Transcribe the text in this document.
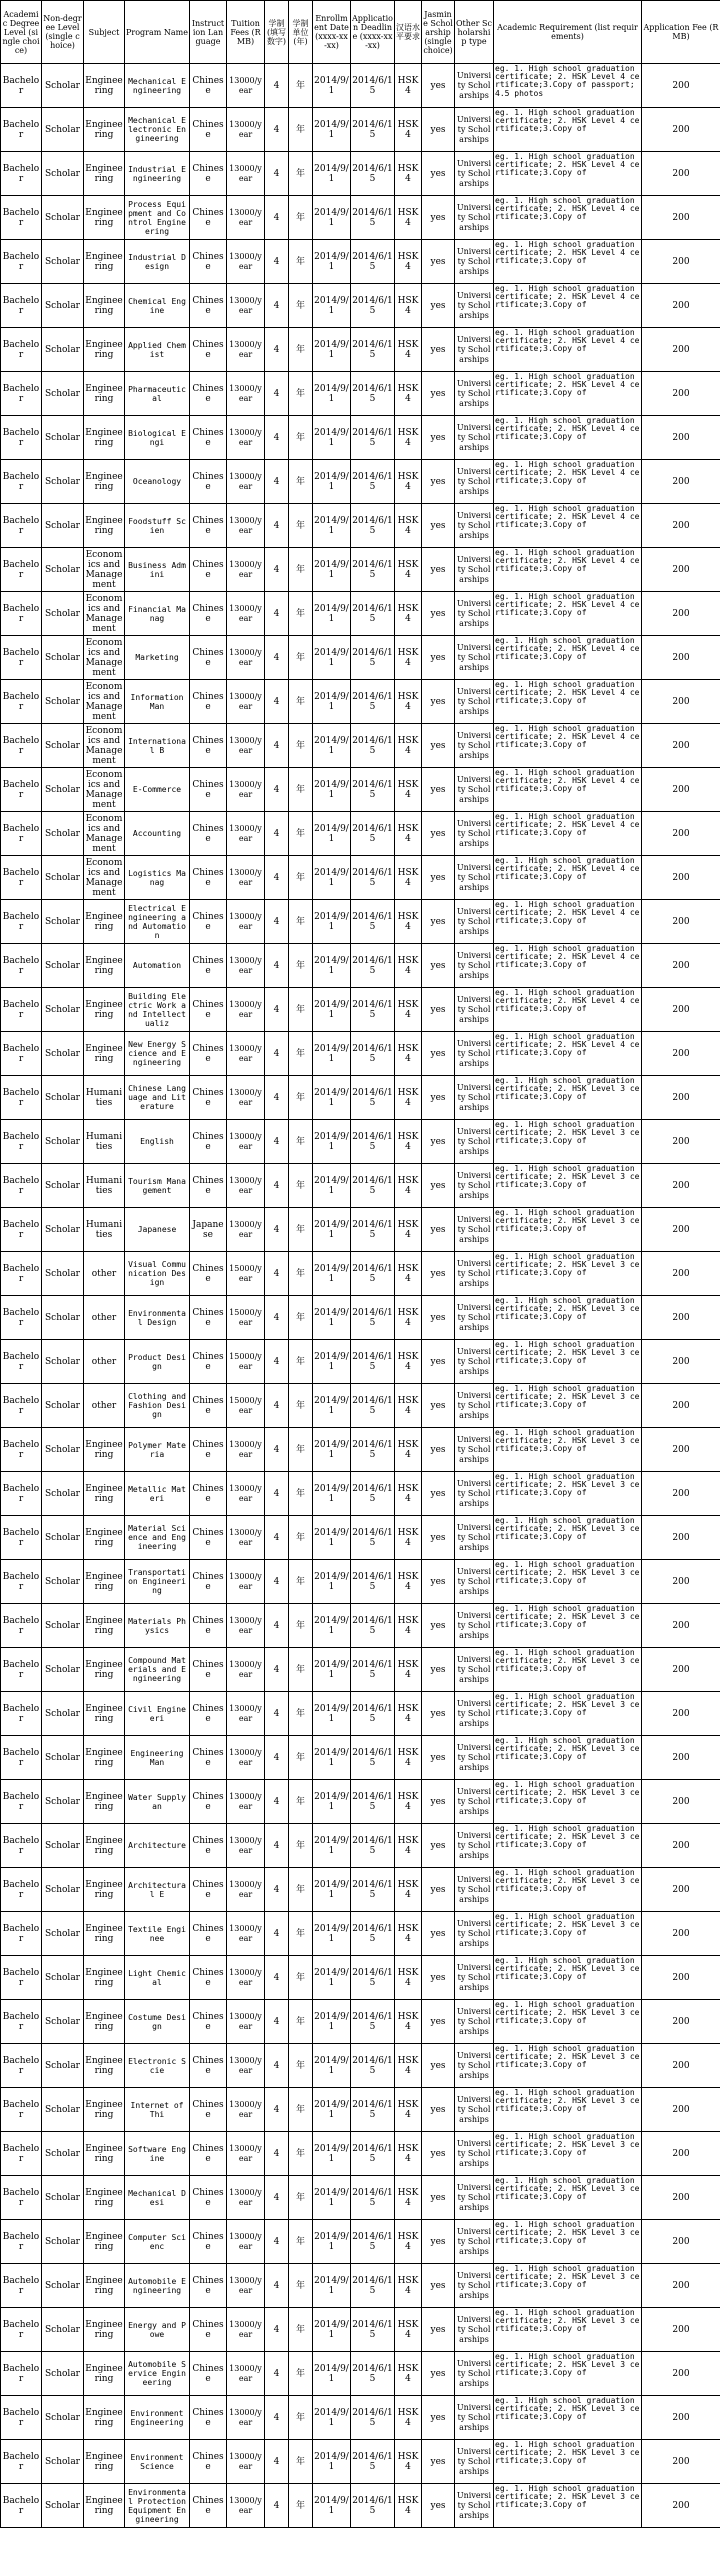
Academic Degree Level (single choice)	Non-degree Level(single choice)	Subject	Program Name	Instruction Language	Tuition Fees (RMB)	学制(填写数字)	学制单位(年)	Enrollment Date (xxxx-xx-xx)	Application Deadline (xxxx-xx-xx)	汉语水平要求	Jasmine Scholarship (single choice)	Other Scholarship type	Academic Requirement (list requirements)	Application Fee (RMB)
Bachelor	Scholar	Engineering	Mechanical Engineering	Chinese	13000/year	4	年	2014/9/1	2014/6/15	HSK4	yes	University Scholarships	eg. 1. High school graduation certificate; 2. HSK Level 4 certificate;3.Copy of passport;4.5 photos	200
Bachelor	Scholar	Engineering	Mechanical Electronic Engineering	Chinese	13000/year	4	年	2014/9/1	2014/6/15	HSK4	yes	University Scholarships	eg. 1. High school graduation certificate; 2. HSK Level 4 certificate;3.Copy of	200
Bachelor	Scholar	Engineering	Industrial Engineering	Chinese	13000/year	4	年	2014/9/1	2014/6/15	HSK4	yes	University Scholarships	eg. 1. High school graduation certificate; 2. HSK Level 4 certificate;3.Copy of	200
Bachelor	Scholar	Engineering	Process Equipment and Control Engineering	Chinese	13000/year	4	年	2014/9/1	2014/6/15	HSK4	yes	University Scholarships	eg. 1. High school graduation certificate; 2. HSK Level 4 certificate;3.Copy of	200
Bachelor	Scholar	Engineering	Industrial Design	Chinese	13000/year	4	年	2014/9/1	2014/6/15	HSK4	yes	University Scholarships	eg. 1. High school graduation certificate; 2. HSK Level 4 certificate;3.Copy of	200
Bachelor	Scholar	Engineering	Chemical Engine	Chinese	13000/year	4	年	2014/9/1	2014/6/15	HSK4	yes	University Scholarships	eg. 1. High school graduation certificate; 2. HSK Level 4 certificate;3.Copy of	200
Bachelor	Scholar	Engineering	Applied Chemist	Chinese	13000/year	4	年	2014/9/1	2014/6/15	HSK4	yes	University Scholarships	eg. 1. High school graduation certificate; 2. HSK Level 4 certificate;3.Copy of	200
Bachelor	Scholar	Engineering	Pharmaceutical	Chinese	13000/year	4	年	2014/9/1	2014/6/15	HSK4	yes	University Scholarships	eg. 1. High school graduation certificate; 2. HSK Level 4 certificate;3.Copy of	200
Bachelor	Scholar	Engineering	Biological Engi	Chinese	13000/year	4	年	2014/9/1	2014/6/15	HSK4	yes	University Scholarships	eg. 1. High school graduation certificate; 2. HSK Level 4 certificate;3.Copy of	200
Bachelor	Scholar	Engineering	Oceanology	Chinese	13000/year	4	年	2014/9/1	2014/6/15	HSK4	yes	University Scholarships	eg. 1. High school graduation certificate; 2. HSK Level 4 certificate;3.Copy of	200
Bachelor	Scholar	Engineering	Foodstuff Scien	Chinese	13000/year	4	年	2014/9/1	2014/6/15	HSK4	yes	University Scholarships	eg. 1. High school graduation certificate; 2. HSK Level 4 certificate;3.Copy of	200
Bachelor	Scholar	Economics and Management	Business Admini	Chinese	13000/year	4	年	2014/9/1	2014/6/15	HSK4	yes	University Scholarships	eg. 1. High school graduation certificate; 2. HSK Level 4 certificate;3.Copy of	200
Bachelor	Scholar	Economics and Management	Financial Manag	Chinese	13000/year	4	年	2014/9/1	2014/6/15	HSK4	yes	University Scholarships	eg. 1. High school graduation certificate; 2. HSK Level 4 certificate;3.Copy of	200
Bachelor	Scholar	Economics and Management	Marketing	Chinese	13000/year	4	年	2014/9/1	2014/6/15	HSK4	yes	University Scholarships	eg. 1. High school graduation certificate; 2. HSK Level 4 certificate;3.Copy of	200
Bachelor	Scholar	Economics and Management	Information Man	Chinese	13000/year	4	年	2014/9/1	2014/6/15	HSK4	yes	University Scholarships	eg. 1. High school graduation certificate; 2. HSK Level 4 certificate;3.Copy of	200
Bachelor	Scholar	Economics and Management	International B	Chinese	13000/year	4	年	2014/9/1	2014/6/15	HSK4	yes	University Scholarships	eg. 1. High school graduation certificate; 2. HSK Level 4 certificate;3.Copy of	200
Bachelor	Scholar	Economics and Management	E-Commerce	Chinese	13000/year	4	年	2014/9/1	2014/6/15	HSK4	yes	University Scholarships	eg. 1. High school graduation certificate; 2. HSK Level 4 certificate;3.Copy of	200
Bachelor	Scholar	Economics and Management	Accounting	Chinese	13000/year	4	年	2014/9/1	2014/6/15	HSK4	yes	University Scholarships	eg. 1. High school graduation certificate; 2. HSK Level 4 certificate;3.Copy of	200
Bachelor	Scholar	Economics and Management	Logistics Manag	Chinese	13000/year	4	年	2014/9/1	2014/6/15	HSK4	yes	University Scholarships	eg. 1. High school graduation certificate; 2. HSK Level 4 certificate;3.Copy of	200
Bachelor	Scholar	Engineering	Electrical Engineering and Automation	Chinese	13000/year	4	年	2014/9/1	2014/6/15	HSK4	yes	University Scholarships	eg. 1. High school graduation certificate; 2. HSK Level 4 certificate;3.Copy of	200
Bachelor	Scholar	Engineering	Automation	Chinese	13000/year	4	年	2014/9/1	2014/6/15	HSK4	yes	University Scholarships	eg. 1. High school graduation certificate; 2. HSK Level 4 certificate;3.Copy of	200
Bachelor	Scholar	Engineering	Building Electric Work and Intellectualiz	Chinese	13000/year	4	年	2014/9/1	2014/6/15	HSK4	yes	University Scholarships	eg. 1. High school graduation certificate; 2. HSK Level 4 certificate;3.Copy of	200
Bachelor	Scholar	Engineering	New Energy Science and Engineering	Chinese	13000/year	4	年	2014/9/1	2014/6/15	HSK4	yes	University Scholarships	eg. 1. High school graduation certificate; 2. HSK Level 4 certificate;3.Copy of	200
Bachelor	Scholar	Humanities	Chinese Language and Literature	Chinese	13000/year	4	年	2014/9/1	2014/6/15	HSK4	yes	University Scholarships	eg. 1. High school graduation certificate; 2. HSK Level 3 certificate;3.Copy of	200
Bachelor	Scholar	Humanities	English	Chinese	13000/year	4	年	2014/9/1	2014/6/15	HSK4	yes	University Scholarships	eg. 1. High school graduation certificate; 2. HSK Level 3 certificate;3.Copy of	200
Bachelor	Scholar	Humanities	Tourism Management	Chinese	13000/year	4	年	2014/9/1	2014/6/15	HSK4	yes	University Scholarships	eg. 1. High school graduation certificate; 2. HSK Level 3 certificate;3.Copy of	200
Bachelor	Scholar	Humanities	Japanese	Japanese	13000/year	4	年	2014/9/1	2014/6/15	HSK4	yes	University Scholarships	eg. 1. High school graduation certificate; 2. HSK Level 3 certificate;3.Copy of	200
Bachelor	Scholar	other	Visual Communication Design	Chinese	15000/year	4	年	2014/9/1	2014/6/15	HSK4	yes	University Scholarships	eg. 1. High school graduation certificate; 2. HSK Level 3 certificate;3.Copy of	200
Bachelor	Scholar	other	Environmental Design	Chinese	15000/year	4	年	2014/9/1	2014/6/15	HSK4	yes	University Scholarships	eg. 1. High school graduation certificate; 2. HSK Level 3 certificate;3.Copy of	200
Bachelor	Scholar	other	Product Design	Chinese	15000/year	4	年	2014/9/1	2014/6/15	HSK4	yes	University Scholarships	eg. 1. High school graduation certificate; 2. HSK Level 3 certificate;3.Copy of	200
Bachelor	Scholar	other	Clothing and Fashion Design	Chinese	15000/year	4	年	2014/9/1	2014/6/15	HSK4	yes	University Scholarships	eg. 1. High school graduation certificate; 2. HSK Level 3 certificate;3.Copy of	200
Bachelor	Scholar	Engineering	Polymer Materia	Chinese	13000/year	4	年	2014/9/1	2014/6/15	HSK4	yes	University Scholarships	eg. 1. High school graduation certificate; 2. HSK Level 3 certificate;3.Copy of	200
Bachelor	Scholar	Engineering	Metallic Materi	Chinese	13000/year	4	年	2014/9/1	2014/6/15	HSK4	yes	University Scholarships	eg. 1. High school graduation certificate; 2. HSK Level 3 certificate;3.Copy of	200
Bachelor	Scholar	Engineering	Material Science and Engineering	Chinese	13000/year	4	年	2014/9/1	2014/6/15	HSK4	yes	University Scholarships	eg. 1. High school graduation certificate; 2. HSK Level 3 certificate;3.Copy of	200
Bachelor	Scholar	Engineering	Transportation Engineering	Chinese	13000/year	4	年	2014/9/1	2014/6/15	HSK4	yes	University Scholarships	eg. 1. High school graduation certificate; 2. HSK Level 3 certificate;3.Copy of	200
Bachelor	Scholar	Engineering	Materials Physics	Chinese	13000/year	4	年	2014/9/1	2014/6/15	HSK4	yes	University Scholarships	eg. 1. High school graduation certificate; 2. HSK Level 3 certificate;3.Copy of	200
Bachelor	Scholar	Engineering	Compound Materials and Engineering	Chinese	13000/year	4	年	2014/9/1	2014/6/15	HSK4	yes	University Scholarships	eg. 1. High school graduation certificate; 2. HSK Level 3 certificate;3.Copy of	200
Bachelor	Scholar	Engineering	Civil Engineeri	Chinese	13000/year	4	年	2014/9/1	2014/6/15	HSK4	yes	University Scholarships	eg. 1. High school graduation certificate; 2. HSK Level 3 certificate;3.Copy of	200
Bachelor	Scholar	Engineering	Engineering Man	Chinese	13000/year	4	年	2014/9/1	2014/6/15	HSK4	yes	University Scholarships	eg. 1. High school graduation certificate; 2. HSK Level 3 certificate;3.Copy of	200
Bachelor	Scholar	Engineering	Water Supply an	Chinese	13000/year	4	年	2014/9/1	2014/6/15	HSK4	yes	University Scholarships	eg. 1. High school graduation certificate; 2. HSK Level 3 certificate;3.Copy of	200
Bachelor	Scholar	Engineering	Architecture	Chinese	13000/year	4	年	2014/9/1	2014/6/15	HSK4	yes	University Scholarships	eg. 1. High school graduation certificate; 2. HSK Level 3 certificate;3.Copy of	200
Bachelor	Scholar	Engineering	Architectural E	Chinese	13000/year	4	年	2014/9/1	2014/6/15	HSK4	yes	University Scholarships	eg. 1. High school graduation certificate; 2. HSK Level 3 certificate;3.Copy of	200
Bachelor	Scholar	Engineering	Textile Enginee	Chinese	13000/year	4	年	2014/9/1	2014/6/15	HSK4	yes	University Scholarships	eg. 1. High school graduation certificate; 2. HSK Level 3 certificate;3.Copy of	200
Bachelor	Scholar	Engineering	Light Chemical	Chinese	13000/year	4	年	2014/9/1	2014/6/15	HSK4	yes	University Scholarships	eg. 1. High school graduation certificate; 2. HSK Level 3 certificate;3.Copy of	200
Bachelor	Scholar	Engineering	Costume Design	Chinese	13000/year	4	年	2014/9/1	2014/6/15	HSK4	yes	University Scholarships	eg. 1. High school graduation certificate; 2. HSK Level 3 certificate;3.Copy of	200
Bachelor	Scholar	Engineering	Electronic Scie	Chinese	13000/year	4	年	2014/9/1	2014/6/15	HSK4	yes	University Scholarships	eg. 1. High school graduation certificate; 2. HSK Level 3 certificate;3.Copy of	200
Bachelor	Scholar	Engineering	Internet of Thi	Chinese	13000/year	4	年	2014/9/1	2014/6/15	HSK4	yes	University Scholarships	eg. 1. High school graduation certificate; 2. HSK Level 3 certificate;3.Copy of	200
Bachelor	Scholar	Engineering	Software Engine	Chinese	13000/year	4	年	2014/9/1	2014/6/15	HSK4	yes	University Scholarships	eg. 1. High school graduation certificate; 2. HSK Level 3 certificate;3.Copy of	200
Bachelor	Scholar	Engineering	Mechanical Desi	Chinese	13000/year	4	年	2014/9/1	2014/6/15	HSK4	yes	University Scholarships	eg. 1. High school graduation certificate; 2. HSK Level 3 certificate;3.Copy of	200
Bachelor	Scholar	Engineering	Computer Scienc	Chinese	13000/year	4	年	2014/9/1	2014/6/15	HSK4	yes	University Scholarships	eg. 1. High school graduation certificate; 2. HSK Level 3 certificate;3.Copy of	200
Bachelor	Scholar	Engineering	Automobile Engineering	Chinese	13000/year	4	年	2014/9/1	2014/6/15	HSK4	yes	University Scholarships	eg. 1. High school graduation certificate; 2. HSK Level 3 certificate;3.Copy of	200
Bachelor	Scholar	Engineering	Energy and Powe	Chinese	13000/year	4	年	2014/9/1	2014/6/15	HSK4	yes	University Scholarships	eg. 1. High school graduation certificate; 2. HSK Level 3 certificate;3.Copy of	200
Bachelor	Scholar	Engineering	Automobile Service Engineering	Chinese	13000/year	4	年	2014/9/1	2014/6/15	HSK4	yes	University Scholarships	eg. 1. High school graduation certificate; 2. HSK Level 3 certificate;3.Copy of	200
Bachelor	Scholar	Engineering	Environment Engineering	Chinese	13000/year	4	年	2014/9/1	2014/6/15	HSK4	yes	University Scholarships	eg. 1. High school graduation certificate; 2. HSK Level 3 certificate;3.Copy of	200
Bachelor	Scholar	Engineering	Environment Science	Chinese	13000/year	4	年	2014/9/1	2014/6/15	HSK4	yes	University Scholarships	eg. 1. High school graduation certificate; 2. HSK Level 3 certificate;3.Copy of	200
Bachelor	Scholar	Engineering	Environmental Protection Equipment Engineering	Chinese	13000/year	4	年	2014/9/1	2014/6/15	HSK4	yes	University Scholarships	eg. 1. High school graduation certificate; 2. HSK Level 3 certificate;3.Copy of	200
